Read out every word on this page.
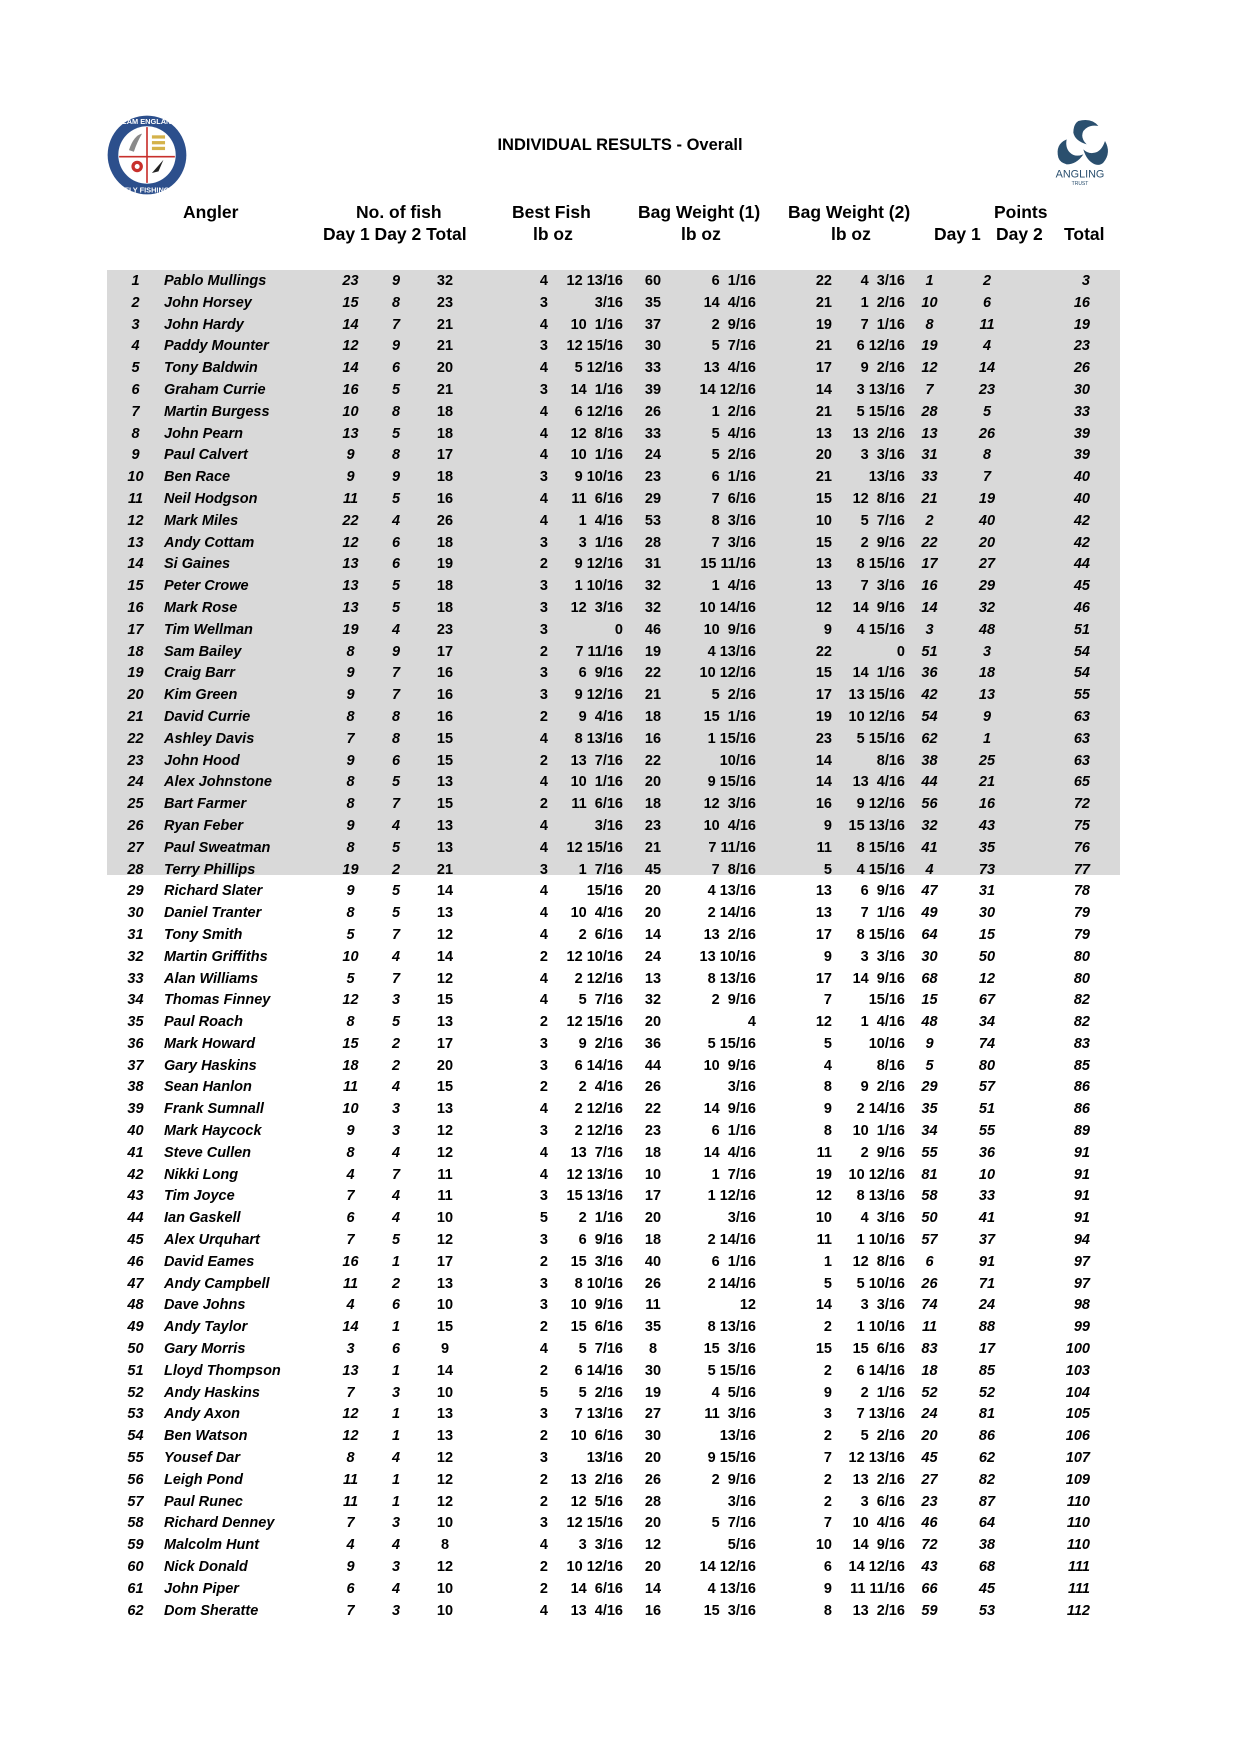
TEAM ENGLAND
FLY FISHING
ANGLING
TRUST
INDIVIDUAL RESULTS - Overall
Angler	No. of fish
Day 1 Day 2 Total
Best Fish
lb oz
Bag Weight (1)
lb oz
Bag Weight (2)
lb oz
Points
Day 1 Day 2 Total
1	Pablo Mullings	23	9	32	4	12 13/16	60	6  1/16	22	4  3/16	1	2	3
2	John Horsey	15	8	23	3	3/16	35	14  4/16	21	1  2/16	10	6	16
3	John Hardy	14	7	21	4	10  1/16	37	2  9/16	19	7  1/16	8	11	19
4	Paddy Mounter	12	9	21	3	12 15/16	30	5  7/16	21	6 12/16	19	4	23
5	Tony Baldwin	14	6	20	4	5 12/16	33	13  4/16	17	9  2/16	12	14	26
6	Graham Currie	16	5	21	3	14  1/16	39	14 12/16	14	3 13/16	7	23	30
7	Martin Burgess	10	8	18	4	6 12/16	26	1  2/16	21	5 15/16	28	5	33
8	John Pearn	13	5	18	4	12  8/16	33	5  4/16	13	13  2/16	13	26	39
9	Paul Calvert	9	8	17	4	10  1/16	24	5  2/16	20	3  3/16	31	8	39
10	Ben Race	9	9	18	3	9 10/16	23	6  1/16	21	13/16	33	7	40
11	Neil Hodgson	11	5	16	4	11  6/16	29	7  6/16	15	12  8/16	21	19	40
12	Mark Miles	22	4	26	4	1  4/16	53	8  3/16	10	5  7/16	2	40	42
13	Andy Cottam	12	6	18	3	3  1/16	28	7  3/16	15	2  9/16	22	20	42
14	Si Gaines	13	6	19	2	9 12/16	31	15 11/16	13	8 15/16	17	27	44
15	Peter Crowe	13	5	18	3	1 10/16	32	1  4/16	13	7  3/16	16	29	45
16	Mark Rose	13	5	18	3	12  3/16	32	10 14/16	12	14  9/16	14	32	46
17	Tim Wellman	19	4	23	3	0	46	10  9/16	9	4 15/16	3	48	51
18	Sam Bailey	8	9	17	2	7 11/16	19	4 13/16	22	0	51	3	54
19	Craig Barr	9	7	16	3	6  9/16	22	10 12/16	15	14  1/16	36	18	54
20	Kim Green	9	7	16	3	9 12/16	21	5  2/16	17	13 15/16	42	13	55
21	David Currie	8	8	16	2	9  4/16	18	15  1/16	19	10 12/16	54	9	63
22	Ashley Davis	7	8	15	4	8 13/16	16	1 15/16	23	5 15/16	62	1	63
23	John Hood	9	6	15	2	13  7/16	22	10/16	14	8/16	38	25	63
24	Alex Johnstone	8	5	13	4	10  1/16	20	9 15/16	14	13  4/16	44	21	65
25	Bart Farmer	8	7	15	2	11  6/16	18	12  3/16	16	9 12/16	56	16	72
26	Ryan Feber	9	4	13	4	3/16	23	10  4/16	9	15 13/16	32	43	75
27	Paul Sweatman	8	5	13	4	12 15/16	21	7 11/16	11	8 15/16	41	35	76
28	Terry Phillips	19	2	21	3	1  7/16	45	7  8/16	5	4 15/16	4	73	77
29	Richard Slater	9	5	14	4	15/16	20	4 13/16	13	6  9/16	47	31	78
30	Daniel Tranter	8	5	13	4	10  4/16	20	2 14/16	13	7  1/16	49	30	79
31	Tony Smith	5	7	12	4	2  6/16	14	13  2/16	17	8 15/16	64	15	79
32	Martin Griffiths	10	4	14	2	12 10/16	24	13 10/16	9	3  3/16	30	50	80
33	Alan Williams	5	7	12	4	2 12/16	13	8 13/16	17	14  9/16	68	12	80
34	Thomas Finney	12	3	15	4	5  7/16	32	2  9/16	7	15/16	15	67	82
35	Paul Roach	8	5	13	2	12 15/16	20	4	12	1  4/16	48	34	82
36	Mark Howard	15	2	17	3	9  2/16	36	5 15/16	5	10/16	9	74	83
37	Gary Haskins	18	2	20	3	6 14/16	44	10  9/16	4	8/16	5	80	85
38	Sean Hanlon	11	4	15	2	2  4/16	26	3/16	8	9  2/16	29	57	86
39	Frank Sumnall	10	3	13	4	2 12/16	22	14  9/16	9	2 14/16	35	51	86
40	Mark Haycock	9	3	12	3	2 12/16	23	6  1/16	8	10  1/16	34	55	89
41	Steve Cullen	8	4	12	4	13  7/16	18	14  4/16	11	2  9/16	55	36	91
42	Nikki Long	4	7	11	4	12 13/16	10	1  7/16	19	10 12/16	81	10	91
43	Tim Joyce	7	4	11	3	15 13/16	17	1 12/16	12	8 13/16	58	33	91
44	Ian Gaskell	6	4	10	5	2  1/16	20	3/16	10	4  3/16	50	41	91
45	Alex Urquhart	7	5	12	3	6  9/16	18	2 14/16	11	1 10/16	57	37	94
46	David Eames	16	1	17	2	15  3/16	40	6  1/16	1	12  8/16	6	91	97
47	Andy Campbell	11	2	13	3	8 10/16	26	2 14/16	5	5 10/16	26	71	97
48	Dave Johns	4	6	10	3	10  9/16	11	12	14	3  3/16	74	24	98
49	Andy Taylor	14	1	15	2	15  6/16	35	8 13/16	2	1 10/16	11	88	99
50	Gary Morris	3	6	9	4	5  7/16	8	15  3/16	15	15  6/16	83	17	100
51	Lloyd Thompson	13	1	14	2	6 14/16	30	5 15/16	2	6 14/16	18	85	103
52	Andy Haskins	7	3	10	5	5  2/16	19	4  5/16	9	2  1/16	52	52	104
53	Andy Axon	12	1	13	3	7 13/16	27	11  3/16	3	7 13/16	24	81	105
54	Ben Watson	12	1	13	2	10  6/16	30	13/16	2	5  2/16	20	86	106
55	Yousef Dar	8	4	12	3	13/16	20	9 15/16	7	12 13/16	45	62	107
56	Leigh Pond	11	1	12	2	13  2/16	26	2  9/16	2	13  2/16	27	82	109
57	Paul Runec	11	1	12	2	12  5/16	28	3/16	2	3  6/16	23	87	110
58	Richard Denney	7	3	10	3	12 15/16	20	5  7/16	7	10  4/16	46	64	110
59	Malcolm Hunt	4	4	8	4	3  3/16	12	5/16	10	14  9/16	72	38	110
60	Nick Donald	9	3	12	2	10 12/16	20	14 12/16	6	14 12/16	43	68	111
61	John Piper	6	4	10	2	14  6/16	14	4 13/16	9	11 11/16	66	45	111
62	Dom Sheratte	7	3	10	4	13  4/16	16	15  3/16	8	13  2/16	59	53	112
